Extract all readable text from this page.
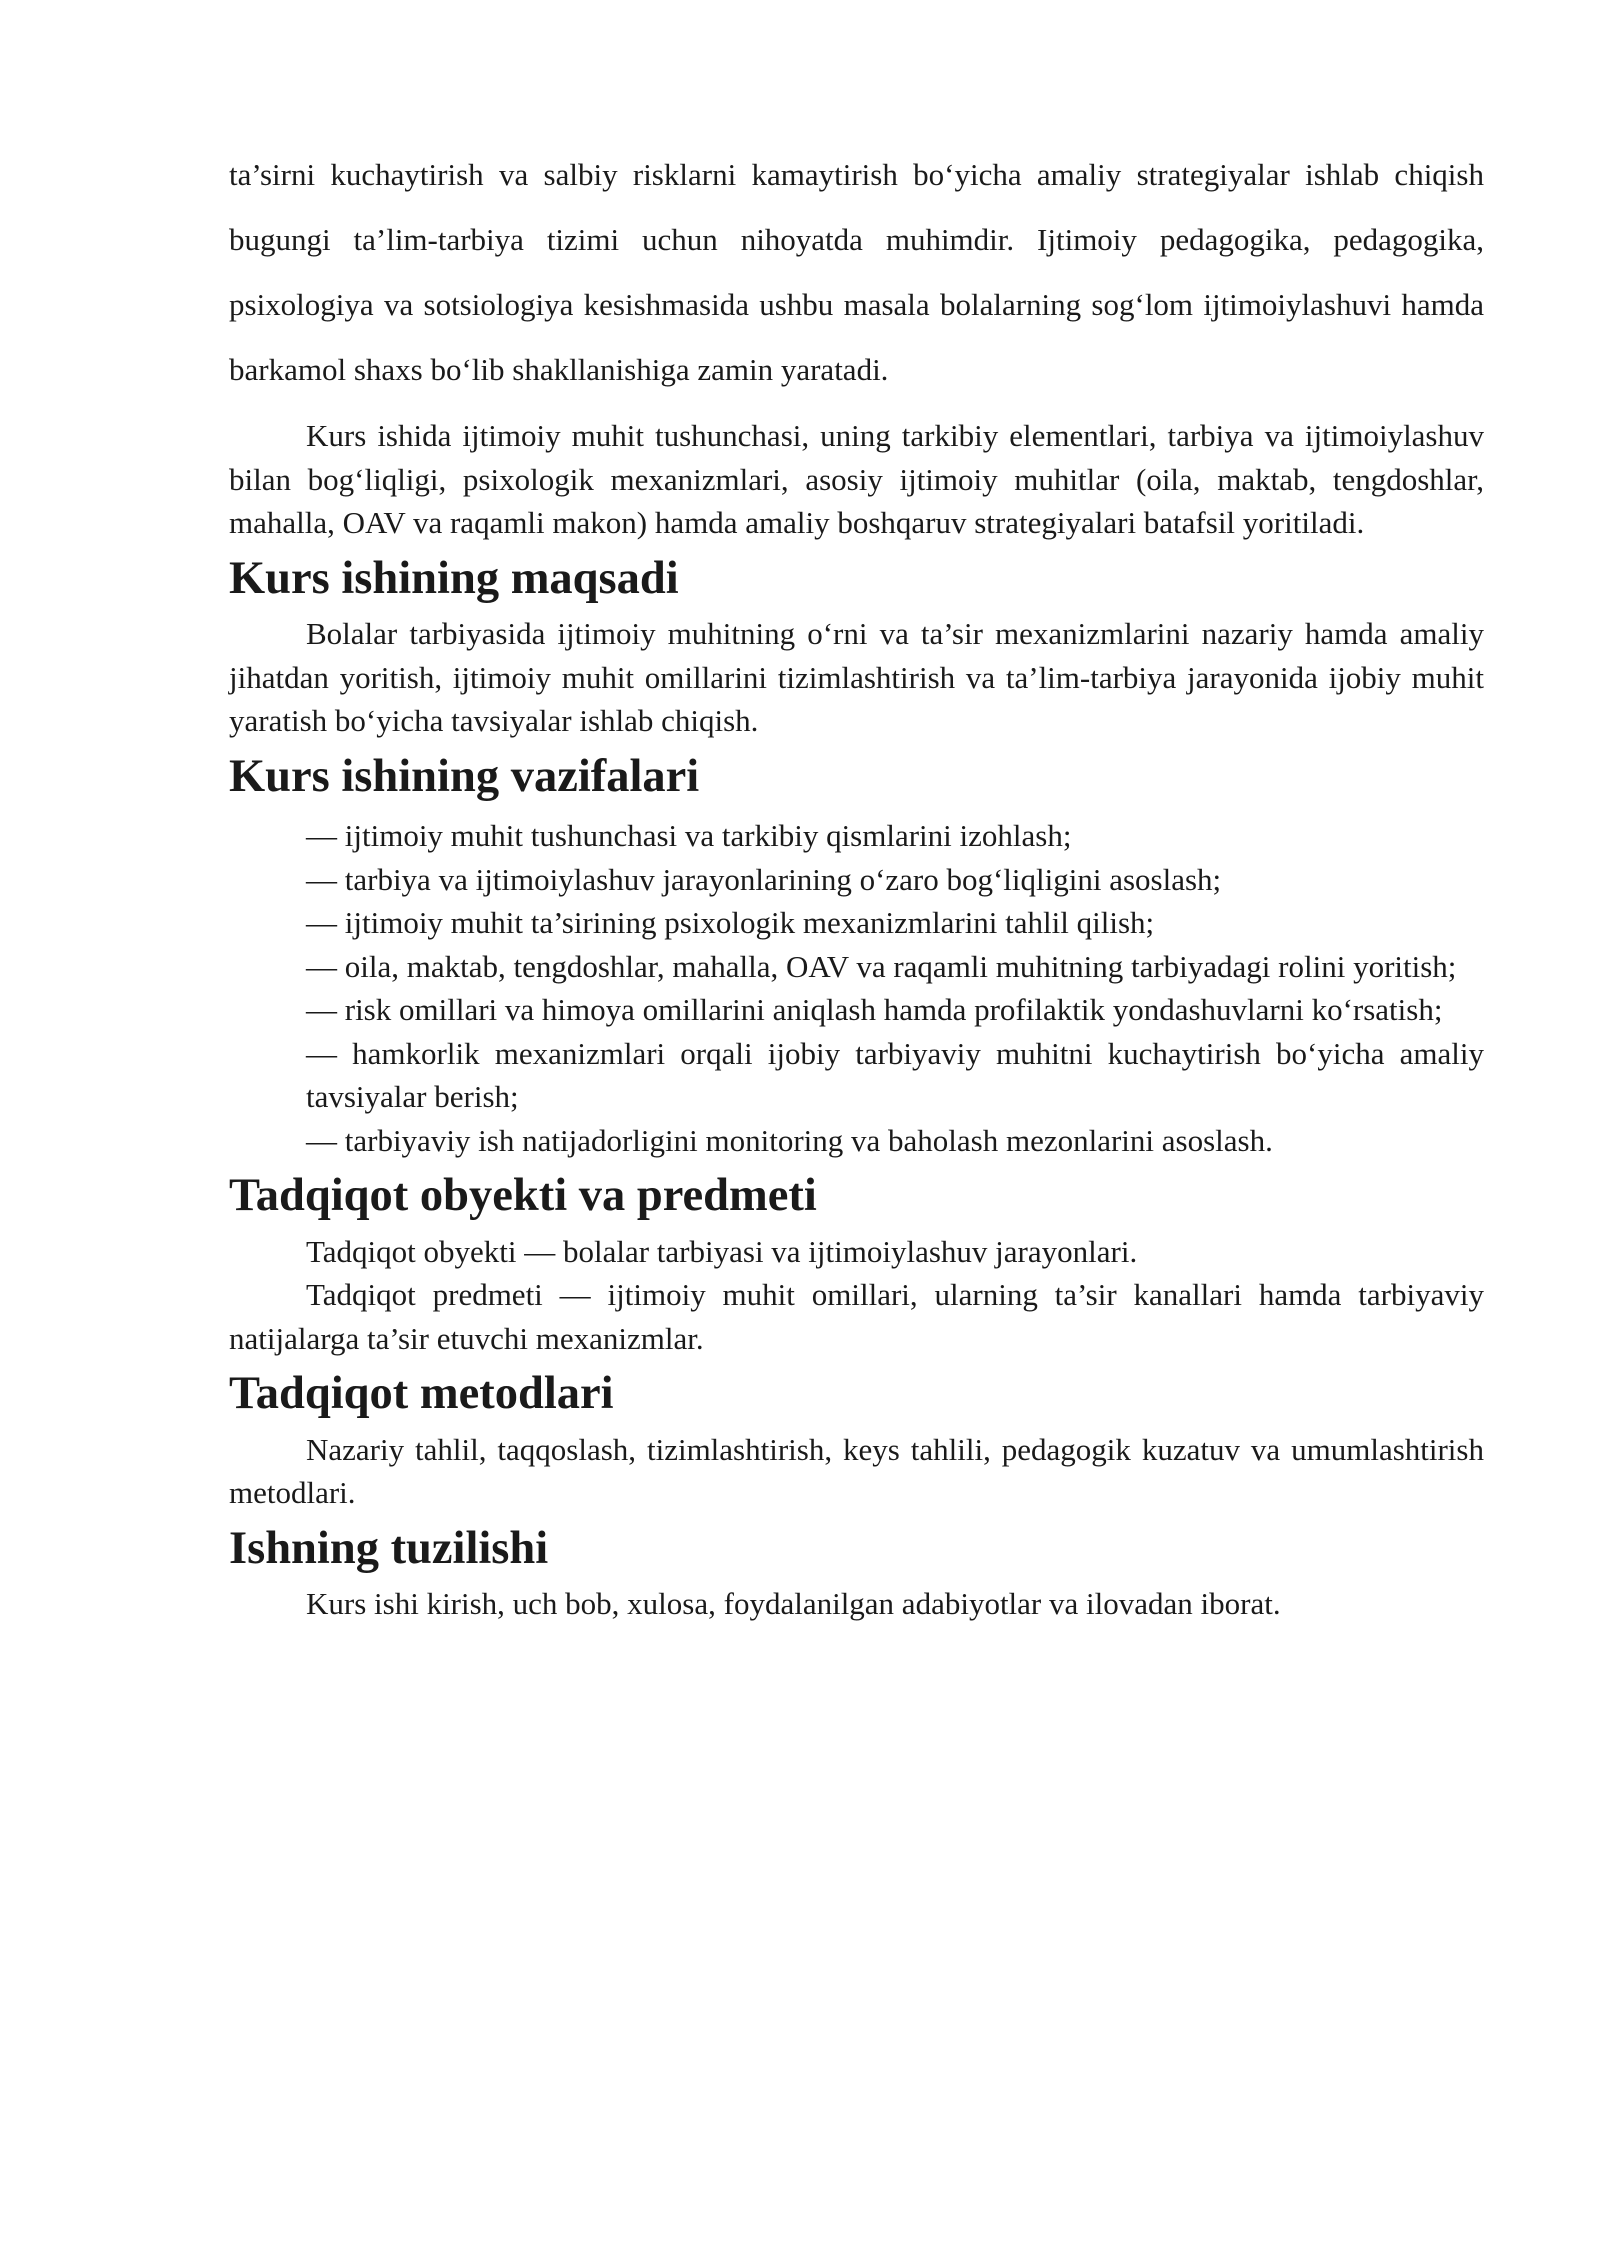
ta’sirni kuchaytirish va salbiy risklarni kamaytirish bo‘yicha amaliy strategiyalar ishlab chiqish bugungi ta’lim-tarbiya tizimi uchun nihoyatda muhimdir. Ijtimoiy pedagogika, pedagogika, psixologiya va sotsiologiya kesishmasida ushbu masala bolalarning sog‘lom ijtimoiylashuvi hamda barkamol shaxs bo‘lib shakllanishiga zamin yaratadi.

Kurs ishida ijtimoiy muhit tushunchasi, uning tarkibiy elementlari, tarbiya va ijtimoiylashuv bilan bog‘liqligi, psixologik mexanizmlari, asosiy ijtimoiy muhitlar (oila, maktab, tengdoshlar, mahalla, OAV va raqamli makon) hamda amaliy boshqaruv strategiyalari batafsil yoritiladi.

Kurs ishining maqsadi

Bolalar tarbiyasida ijtimoiy muhitning o‘rni va ta’sir mexanizmlarini nazariy hamda amaliy jihatdan yoritish, ijtimoiy muhit omillarini tizimlashtirish va ta’lim-tarbiya jarayonida ijobiy muhit yaratish bo‘yicha tavsiyalar ishlab chiqish.

Kurs ishining vazifalari
— ijtimoiy muhit tushunchasi va tarkibiy qismlarini izohlash;
— tarbiya va ijtimoiylashuv jarayonlarining o‘zaro bog‘liqligini asoslash;
— ijtimoiy muhit ta’sirining psixologik mexanizmlarini tahlil qilish;
— oila, maktab, tengdoshlar, mahalla, OAV va raqamli muhitning tarbiyadagi rolini yoritish;
— risk omillari va himoya omillarini aniqlash hamda profilaktik yondashuvlarni ko‘rsatish;
— hamkorlik mexanizmlari orqali ijobiy tarbiyaviy muhitni kuchaytirish bo‘yicha amaliy tavsiyalar berish;
— tarbiyaviy ish natijadorligini monitoring va baholash mezonlarini asoslash.
Tadqiqot obyekti va predmeti

Tadqiqot obyekti — bolalar tarbiyasi va ijtimoiylashuv jarayonlari.

Tadqiqot predmeti — ijtimoiy muhit omillari, ularning ta’sir kanallari hamda tarbiyaviy natijalarga ta’sir etuvchi mexanizmlar.

Tadqiqot metodlari

Nazariy tahlil, taqqoslash, tizimlashtirish, keys tahlili, pedagogik kuzatuv va umumlashtirish metodlari.

Ishning tuzilishi

Kurs ishi kirish, uch bob, xulosa, foydalanilgan adabiyotlar va ilovadan iborat.
